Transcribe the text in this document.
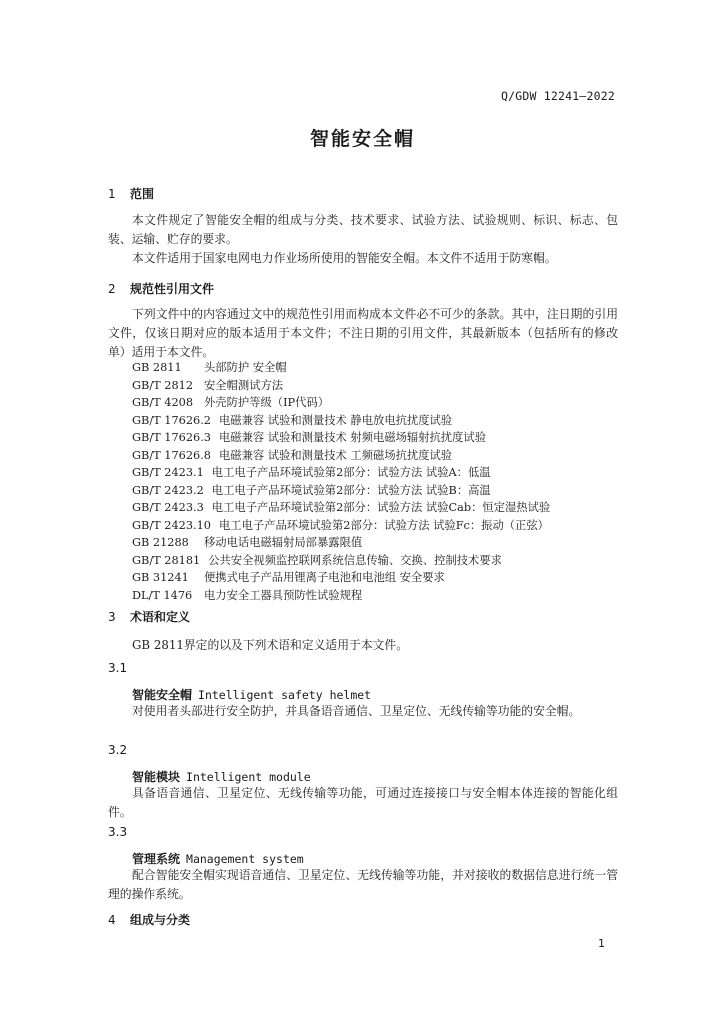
Q/GDW 12241—2022
智能安全帽
1 范围
本文件规定了智能安全帽的组成与分类、技术要求、试验方法、试验规则、标识、标志、包装、运输、贮存的要求。
本文件适用于国家电网电力作业场所使用的智能安全帽。本文件不适用于防寒帽。
2 规范性引用文件
下列文件中的内容通过文中的规范性引用而构成本文件必不可少的条款。其中，注日期的引用文件，仅该日期对应的版本适用于本文件；不注日期的引用文件，其最新版本（包括所有的修改单）适用于本文件。
GB 2811 头部防护 安全帽
GB/T 2812 安全帽测试方法
GB/T 4208 外壳防护等级（IP代码）
GB/T 17626.2 电磁兼容 试验和测量技术 静电放电抗扰度试验
GB/T 17626.3 电磁兼容 试验和测量技术 射频电磁场辐射抗扰度试验
GB/T 17626.8 电磁兼容 试验和测量技术 工频磁场抗扰度试验
GB/T 2423.1 电工电子产品环境试验第2部分：试验方法 试验A：低温
GB/T 2423.2 电工电子产品环境试验第2部分：试验方法 试验B：高温
GB/T 2423.3 电工电子产品环境试验第2部分：试验方法 试验Cab：恒定湿热试验
GB/T 2423.10 电工电子产品环境试验第2部分：试验方法 试验Fc：振动（正弦）
GB 21288 移动电话电磁辐射局部暴露限值
GB/T 28181 公共安全视频监控联网系统信息传输、交换、控制技术要求
GB 31241 便携式电子产品用锂离子电池和电池组 安全要求
DL/T 1476 电力安全工器具预防性试验规程
3 术语和定义
GB 2811界定的以及下列术语和定义适用于本文件。
3.1
智能安全帽 Intelligent safety helmet
对使用者头部进行安全防护，并具备语音通信、卫星定位、无线传输等功能的安全帽。
3.2
智能模块 Intelligent module
具备语音通信、卫星定位、无线传输等功能，可通过连接接口与安全帽本体连接的智能化组件。
3.3
管理系统 Management system
配合智能安全帽实现语音通信、卫星定位、无线传输等功能，并对接收的数据信息进行统一管理的操作系统。
4 组成与分类
1
